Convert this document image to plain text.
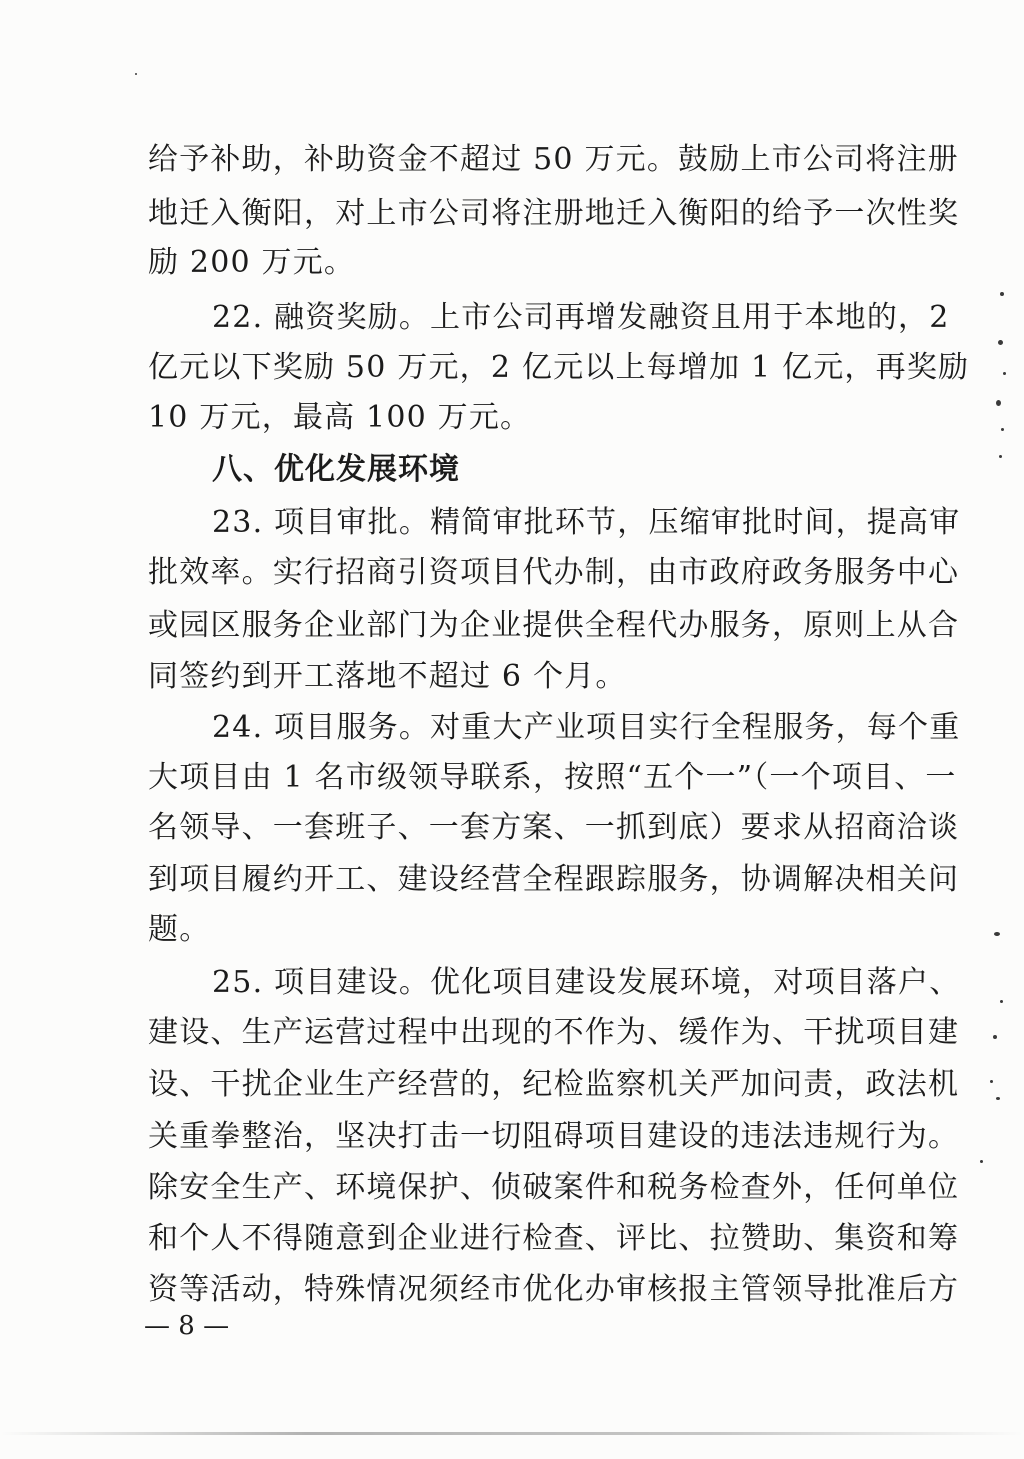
给予补助，补助资金不超过 50 万元。鼓励上市公司将注册
地迁入衡阳，对上市公司将注册地迁入衡阳的给予一次性奖
励 200 万元。
22. 融资奖励。上市公司再增发融资且用于本地的，2
亿元以下奖励 50 万元，2 亿元以上每增加 1 亿元，再奖励
10 万元，最高 100 万元。
八、优化发展环境
23. 项目审批。精简审批环节，压缩审批时间，提高审
批效率。实行招商引资项目代办制，由市政府政务服务中心
或园区服务企业部门为企业提供全程代办服务，原则上从合
同签约到开工落地不超过 6 个月。
24. 项目服务。对重大产业项目实行全程服务，每个重
大项目由 1 名市级领导联系，按照“五个一”（一个项目、一
名领导、一套班子、一套方案、一抓到底）要求从招商洽谈
到项目履约开工、建设经营全程跟踪服务，协调解决相关问
题。
25. 项目建设。优化项目建设发展环境，对项目落户、
建设、生产运营过程中出现的不作为、缓作为、干扰项目建
设、干扰企业生产经营的，纪检监察机关严加问责，政法机
关重拳整治，坚决打击一切阻碍项目建设的违法违规行为。
除安全生产、环境保护、侦破案件和税务检查外，任何单位
和个人不得随意到企业进行检查、评比、拉赞助、集资和筹
资等活动，特殊情况须经市优化办审核报主管领导批准后方
— 8 —
